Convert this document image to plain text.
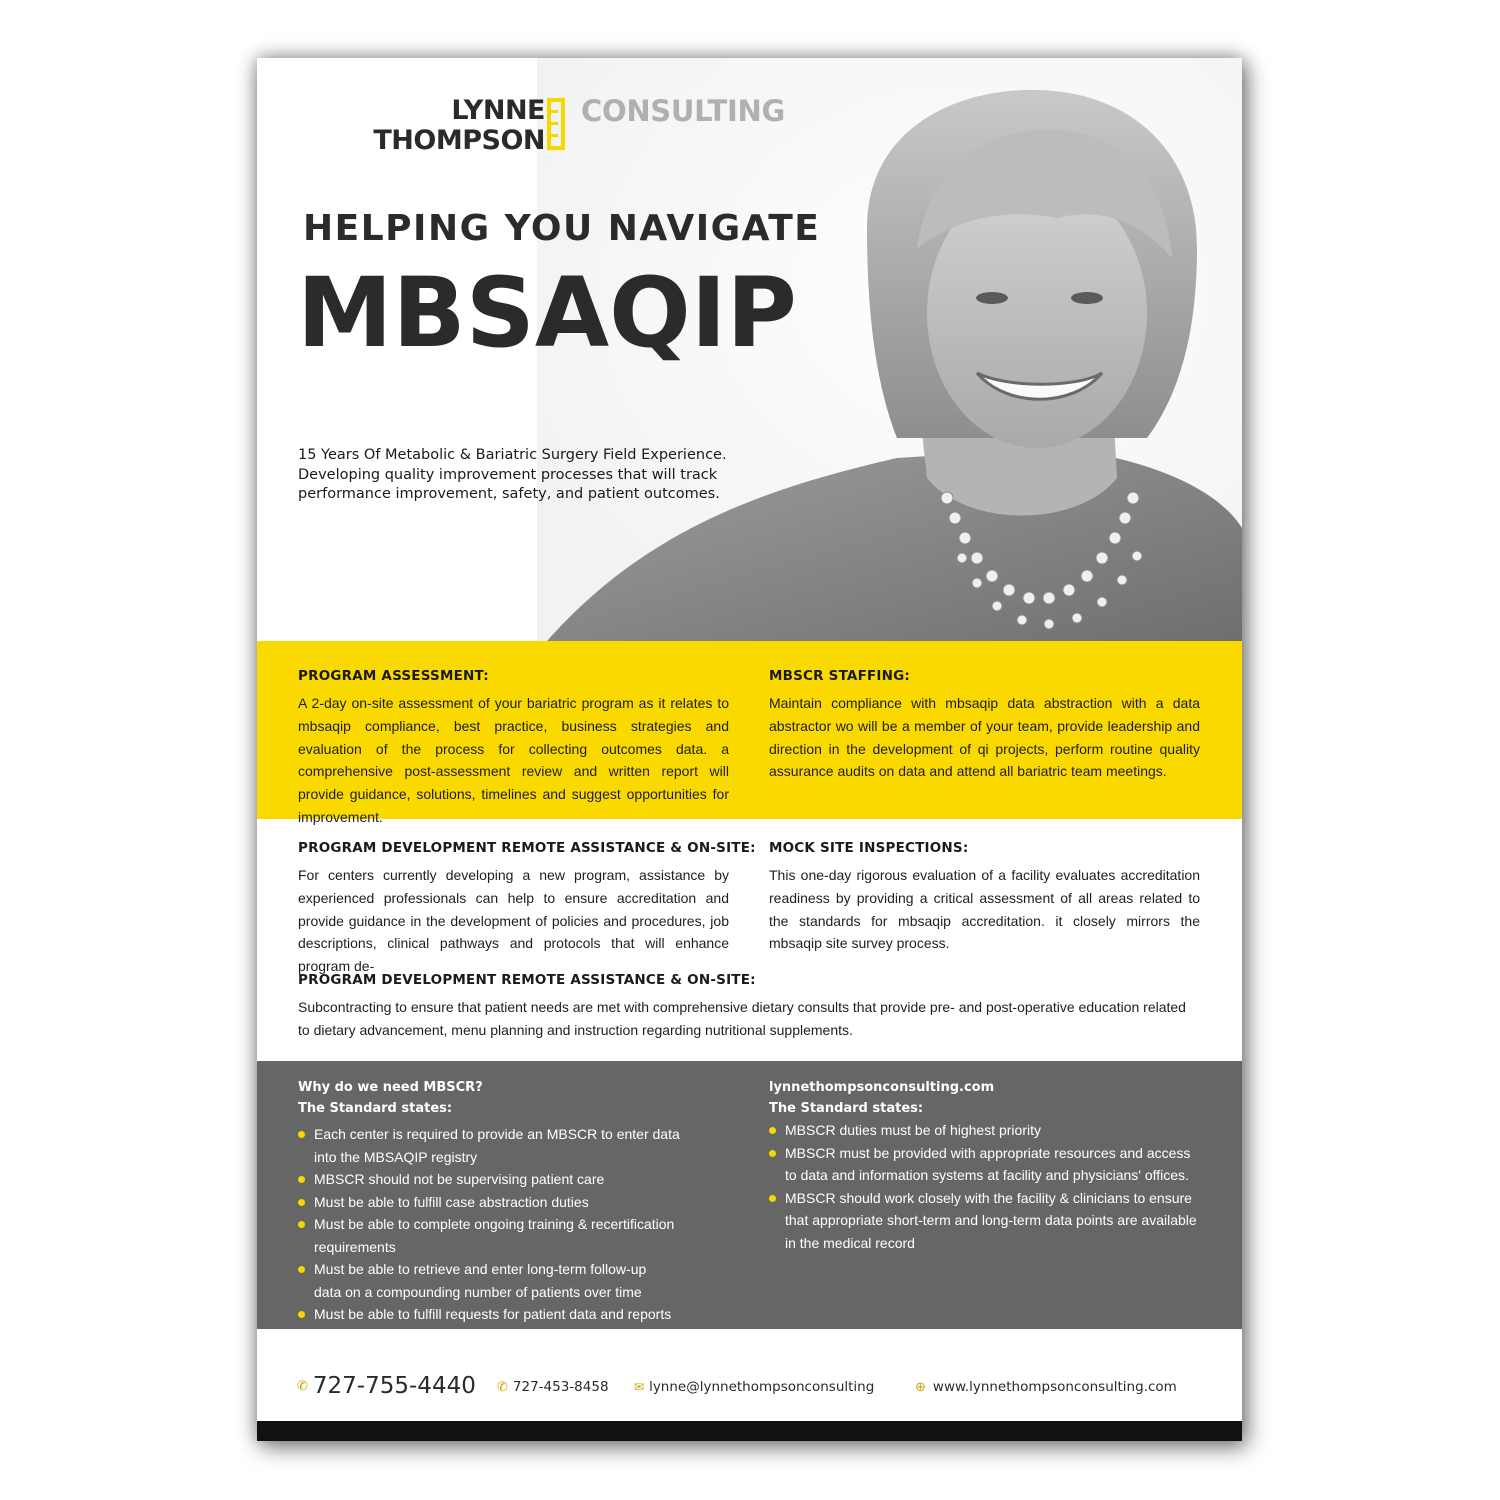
LYNNE
THOMPSON
CONSULTING
HELPING YOU NAVIGATE
MBSAQIP
15 Years Of Metabolic & Bariatric Surgery Field Experience. Developing quality improvement processes that will track performance improvement, safety, and patient outcomes.
PROGRAM ASSESSMENT:

A 2-day on-site assessment of your bariatric program as it relates to mbsaqip compliance, best practice, business strategies and evaluation of the process for collecting outcomes data. a comprehensive post-assessment review and written report will provide guidance, solutions, timelines and suggest opportunities for improvement.

MBSCR STAFFING:

Maintain compliance with mbsaqip data abstraction with a data abstractor wo will be a member of your team, provide leadership and direction in the development of qi projects, perform routine quality assurance audits on data and attend all bariatric team meetings.

PROGRAM DEVELOPMENT REMOTE ASSISTANCE & ON-SITE:

For centers currently developing a new program, assistance by experienced professionals can help to ensure accreditation and provide guidance in the development of policies and procedures, job descriptions, clinical pathways and protocols that will enhance program de-

MOCK SITE INSPECTIONS:

This one-day rigorous evaluation of a facility evaluates accreditation readiness by providing a critical assessment of all areas related to the standards for mbsaqip accreditation. it closely mirrors the mbsaqip site survey process.

PROGRAM DEVELOPMENT REMOTE ASSISTANCE & ON-SITE:

Subcontracting to ensure that patient needs are met with comprehensive dietary consults that provide pre- and post-operative education related to dietary advancement, menu planning and instruction regarding nutritional supplements.

Why do we need MBSCR?
The Standard states:
Each center is required to provide an MBSCR to enter data into the MBSAQIP registry
MBSCR should not be supervising patient care
Must be able to fulfill case abstraction duties
Must be able to complete ongoing training & recertification requirements
Must be able to retrieve and enter long-term follow-up data on a compounding number of patients over time
Must be able to fulfill requests for patient data and reports
lynnethompsonconsulting.com
The Standard states:
MBSCR duties must be of highest priority
MBSCR must be provided with appropriate resources and access to data and information systems at facility and physicians' offices.
MBSCR should work closely with the facility & clinicians to ensure that appropriate short-term and long-term data points are available in the medical record
✆ 727-755-4440 ✆ 727-453-8458 ✉ lynne@lynnethompsonconsulting	⊕ www.lynnethompsonconsulting.com
